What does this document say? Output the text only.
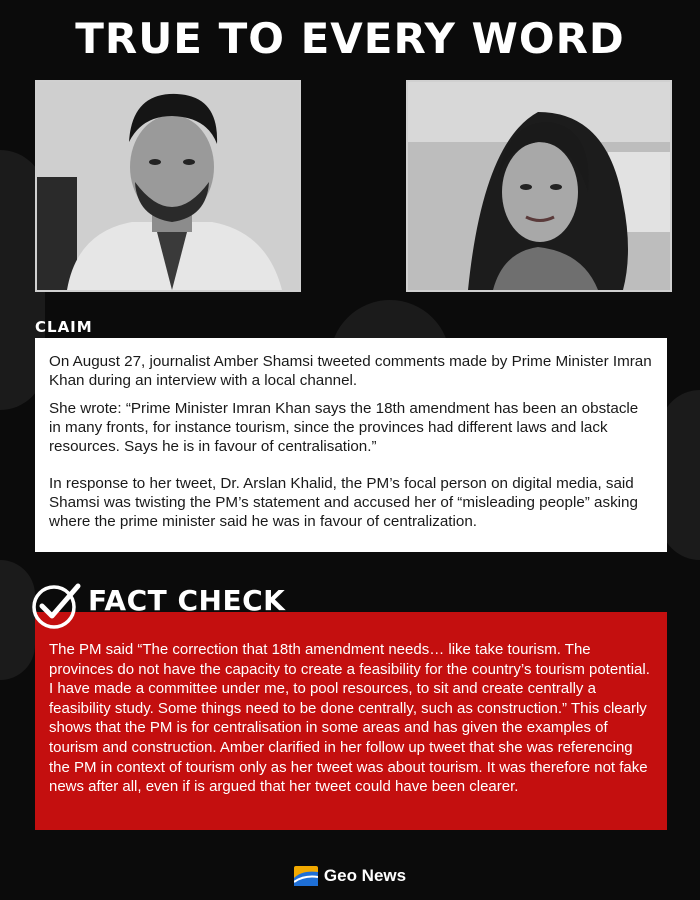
TRUE TO EVERY WORD
CLAIM

On August 27, journalist Amber Shamsi tweeted comments made by Prime Minister Imran Khan during an interview with a local channel.

She wrote: “Prime Minister Imran Khan says the 18th amendment has been an obstacle in many fronts, for instance tourism, since the provinces had different laws and lack resources. Says he is in favour of centralisation.”

In response to her tweet, Dr. Arslan Khalid, the PM’s focal person on digital media, said Shamsi was twisting the PM’s statement and accused her of “misleading people” asking where the prime minister said he was in favour of centralization.

The PM said “The correction that 18th amendment needs… like take tourism. The provinces do not have the capacity to create a feasibility for the country’s tourism potential. I have made a committee under me, to pool resources, to sit and create centrally a feasibility study. Some things need to be done centrally, such as construction.” This clearly shows that the PM is for centralisation in some areas and has given the examples of tourism and construction. Amber clarified in her follow up tweet that she was referencing the PM in context of tourism only as her tweet was about tourism. It was therefore not fake news after all, even if is argued that her tweet could have been clearer.

FACT CHECK
Geo News
